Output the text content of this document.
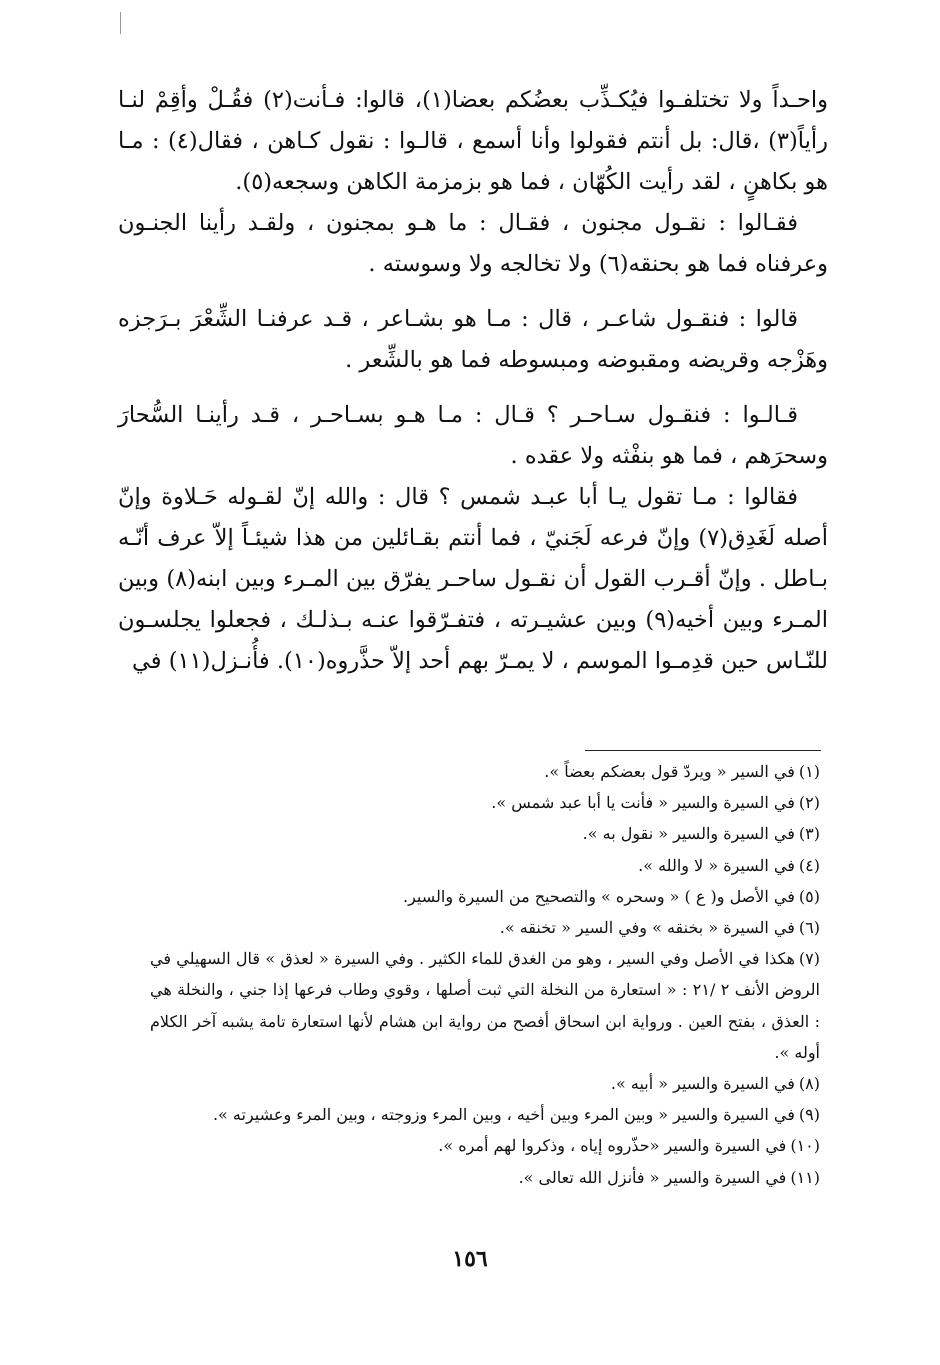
واحـداً ولا تختلفـوا فيُكـذِّب بعضُكم بعضا(١)، قالوا: فـأنت(٢) فقُـلْ وأقِمْ لنـا رأياً(٣) ،قال: بل أنتم فقولوا وأنا أسمع ، قالـوا : نقول كـاهن ، فقال(٤) : مـا هو بكاهنٍ ، لقد رأيت الكُهّان ، فما هو بزمزمة الكاهن وسجعه(٥).

فقـالوا : نقـول مجنون ، فقـال : ما هـو بمجنون ، ولقـد رأينا الجنـون وعرفناه فما هو بحنقه(٦) ولا تخالجه ولا وسوسته .

قالوا : فنقـول شاعـر ، قال : مـا هو بشـاعر ، قـد عرفنـا الشِّعْرَ بـرَجزه وهَزْجه وقريضه ومقبوضه ومبسوطه فما هو بالشِّعر .

قـالـوا : فنقـول سـاحـر ؟ قـال : مـا هـو بسـاحـر ، قـد رأينـا السُّحارَ وسحرَهم ، فما هو بنفْثه ولا عقده .

فقالوا : مـا تقول يـا أبا عبـد شمس ؟ قال : والله إنّ لقـوله حَـلاوة وإنّ أصله لَغَدِق(٧) وإنّ فرعه لَجَنيّ ، فما أنتم بقـائلين من هذا شيئـاً إلاّ عرف أنّـه بـاطل . وإنّ أقـرب القول أن نقـول ساحـر يفرّق بين المـرء وبين ابنه(٨) وبين المـرء وبين أخيه(٩) وبين عشيـرته ، فتفـرّقوا عنـه بـذلـك ، فجعلوا يجلسـون للنّـاس حين قدِمـوا الموسم ، لا يمـرّ بهم أحد إلاّ حذَّروه(١٠). فأُنـزل(١١) في

(١)في السير « ويردّ قول بعضكم بعضاً ».

(٢)في السيرة والسير « فأنت يا أبا عبد شمس ».

(٣)في السيرة والسير « نقول به ».

(٤)في السيرة « لا والله ».

(٥)في الأصل و( ع ) « وسحره » والتصحيح من السيرة والسير.

(٦)في السيرة « بخنقه » وفي السير « تخنقه ».

(٧)هكذا في الأصل وفي السير ، وهو من الغدق للماء الكثير . وفي السيرة « لعذق » قال السهيلي في الروض الأنف ٢ /٢١ : « استعارة من النخلة التي ثبت أصلها ، وقوي وطاب فرعها إذا جني ، والنخلة هي : العذق ، بفتح العين . ورواية ابن اسحاق أفصح من رواية ابن هشام لأنها استعارة تامة يشبه آخر الكلام أوله ».

(٨)في السيرة والسير « أبيه ».

(٩)في السيرة والسير « وبين المرء وبين أخيه ، وبين المرء وزوجته ، وبين المرء وعشيرته ».

(١٠)في السيرة والسير «حذّروه إياه ، وذكروا لهم أمره ».

(١١)في السيرة والسير « فأنزل الله تعالى ».

١٥٦
